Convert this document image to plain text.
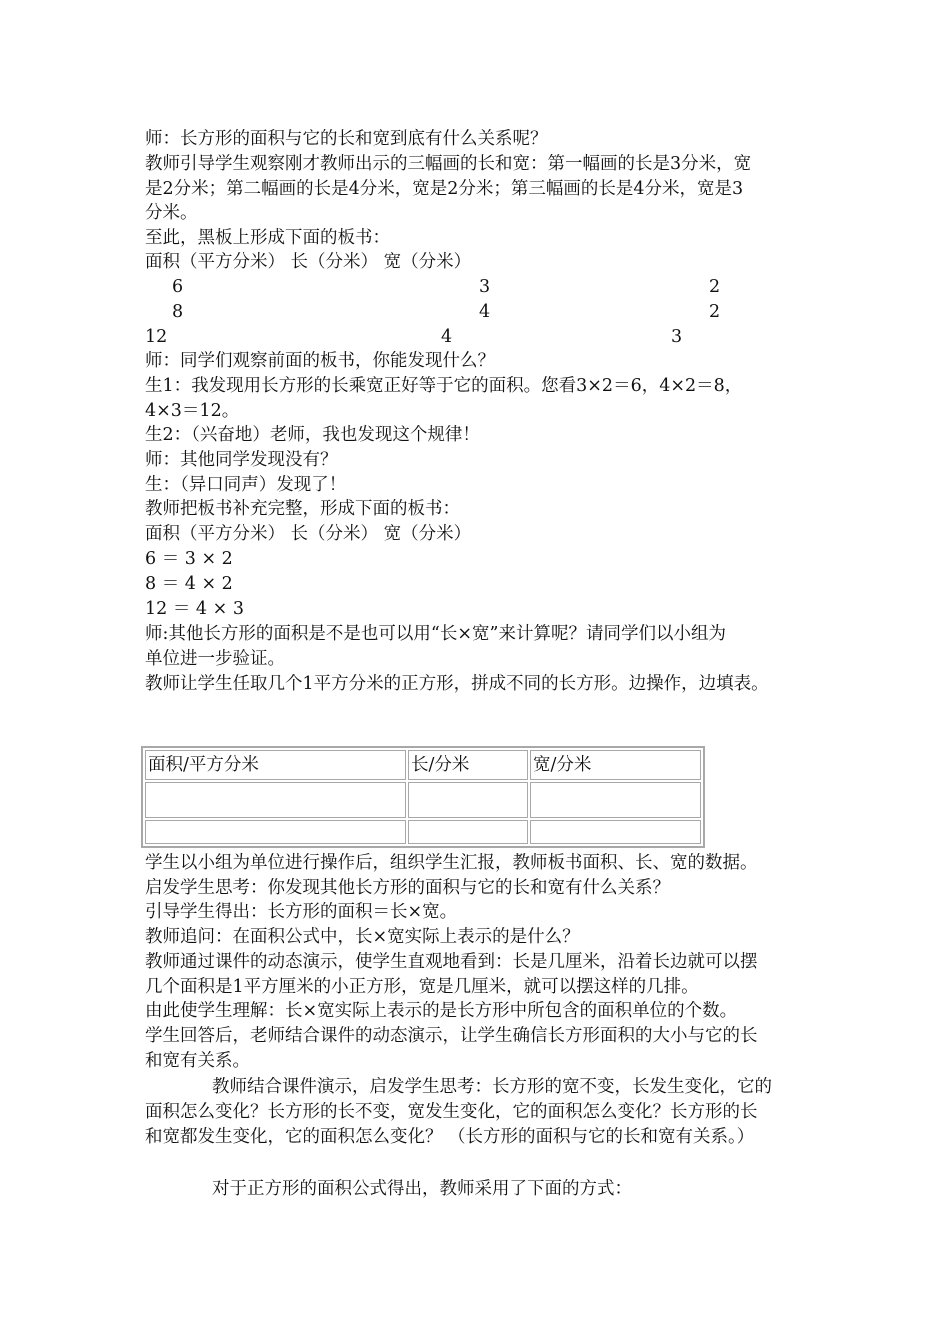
师：长方形的面积与它的长和宽到底有什么关系呢？
教师引导学生观察刚才教师出示的三幅画的长和宽：第一幅画的长是3分米，宽
是2分米；第二幅画的长是4分米，宽是2分米；第三幅画的长是4分米，宽是3
分米。
至此，黑板上形成下面的板书：
面积（平方分米） 长（分米） 宽（分米）
6	3	2
8	4	2
12	4	3
师：同学们观察前面的板书，你能发现什么？
生1：我发现用长方形的长乘宽正好等于它的面积。您看3×2＝6，4×2＝8，
4×3＝12。
生2：（兴奋地）老师，我也发现这个规律！
师：其他同学发现没有？
生：（异口同声）发现了！
教师把板书补充完整，形成下面的板书：
面积（平方分米） 长（分米） 宽（分米）
6 ＝ 3 × 2
8 ＝ 4 × 2
12 ＝ 4 × 3
师:其他长方形的面积是不是也可以用“长×宽”来计算呢？请同学们以小组为
单位进一步验证。
教师让学生任取几个1平方分米的正方形，拼成不同的长方形。边操作，边填表。
面积/平方分米	长/分米	宽/分米

学生以小组为单位进行操作后，组织学生汇报，教师板书面积、长、宽的数据。
启发学生思考：你发现其他长方形的面积与它的长和宽有什么关系？
引导学生得出：长方形的面积＝长×宽。
教师追问：在面积公式中，长×宽实际上表示的是什么？
教师通过课件的动态演示，使学生直观地看到：长是几厘米，沿着长边就可以摆
几个面积是1平方厘米的小正方形，宽是几厘米，就可以摆这样的几排。
由此使学生理解：长×宽实际上表示的是长方形中所包含的面积单位的个数。
学生回答后，老师结合课件的动态演示，让学生确信长方形面积的大小与它的长
和宽有关系。
教师结合课件演示，启发学生思考：长方形的宽不变，长发生变化，它的
面积怎么变化？长方形的长不变，宽发生变化，它的面积怎么变化？长方形的长
和宽都发生变化，它的面积怎么变化？ （长方形的面积与它的长和宽有关系。）
对于正方形的面积公式得出，教师采用了下面的方式：
